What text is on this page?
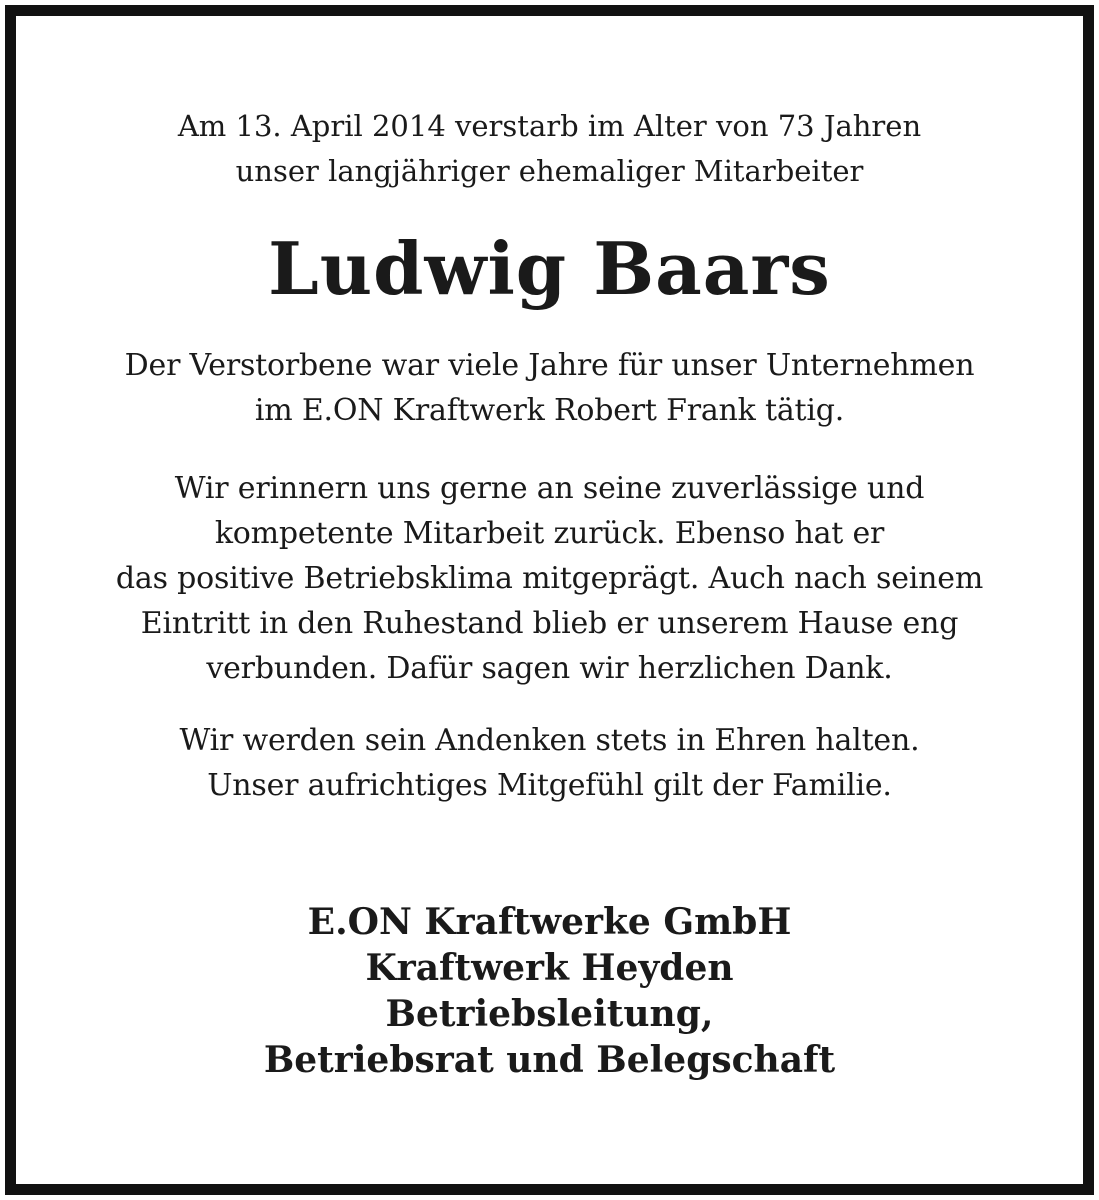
Am 13. April 2014 verstarb im Alter von 73 Jahren
unser langjähriger ehemaliger Mitarbeiter
Ludwig Baars
Der Verstorbene war viele Jahre für unser Unternehmen
im E.ON Kraftwerk Robert Frank tätig.
Wir erinnern uns gerne an seine zuverlässige und
kompetente Mitarbeit zurück. Ebenso hat er
das positive Betriebsklima mitgeprägt. Auch nach seinem
Eintritt in den Ruhestand blieb er unserem Hause eng
verbunden. Dafür sagen wir herzlichen Dank.
Wir werden sein Andenken stets in Ehren halten.
Unser aufrichtiges Mitgefühl gilt der Familie.
E.ON Kraftwerke GmbH
Kraftwerk Heyden
Betriebsleitung,
Betriebsrat und Belegschaft
